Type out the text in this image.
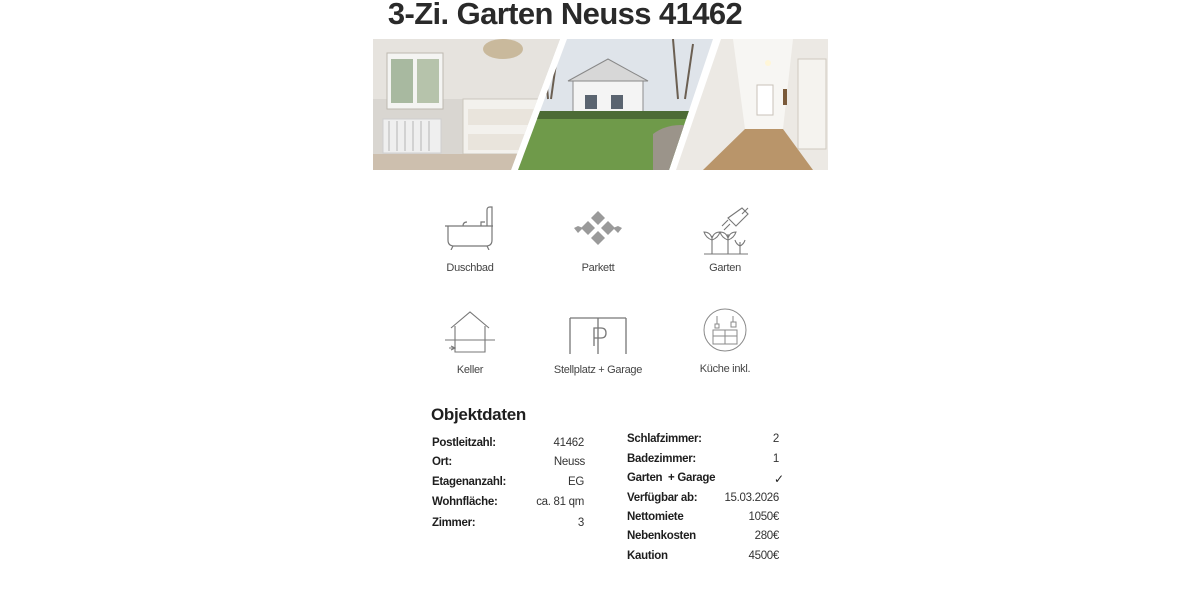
3-Zi. Garten Neuss 41462
Duschbad	Parkett	Garten
Keller	Stellplatz + Garage	Küche inkl.
Objektdaten
Postleitzahl:	41462
Ort:	Neuss
Etagenanzahl:	EG
Wohnfläche:	ca. 81 qm
Zimmer:	3
Schlafzimmer:	2
Badezimmer:	1
Garten  + Garage	✓
Verfügbar ab: 15.03.2026
Nettomiete	1050€
Nebenkosten	280€
Kaution	4500€
